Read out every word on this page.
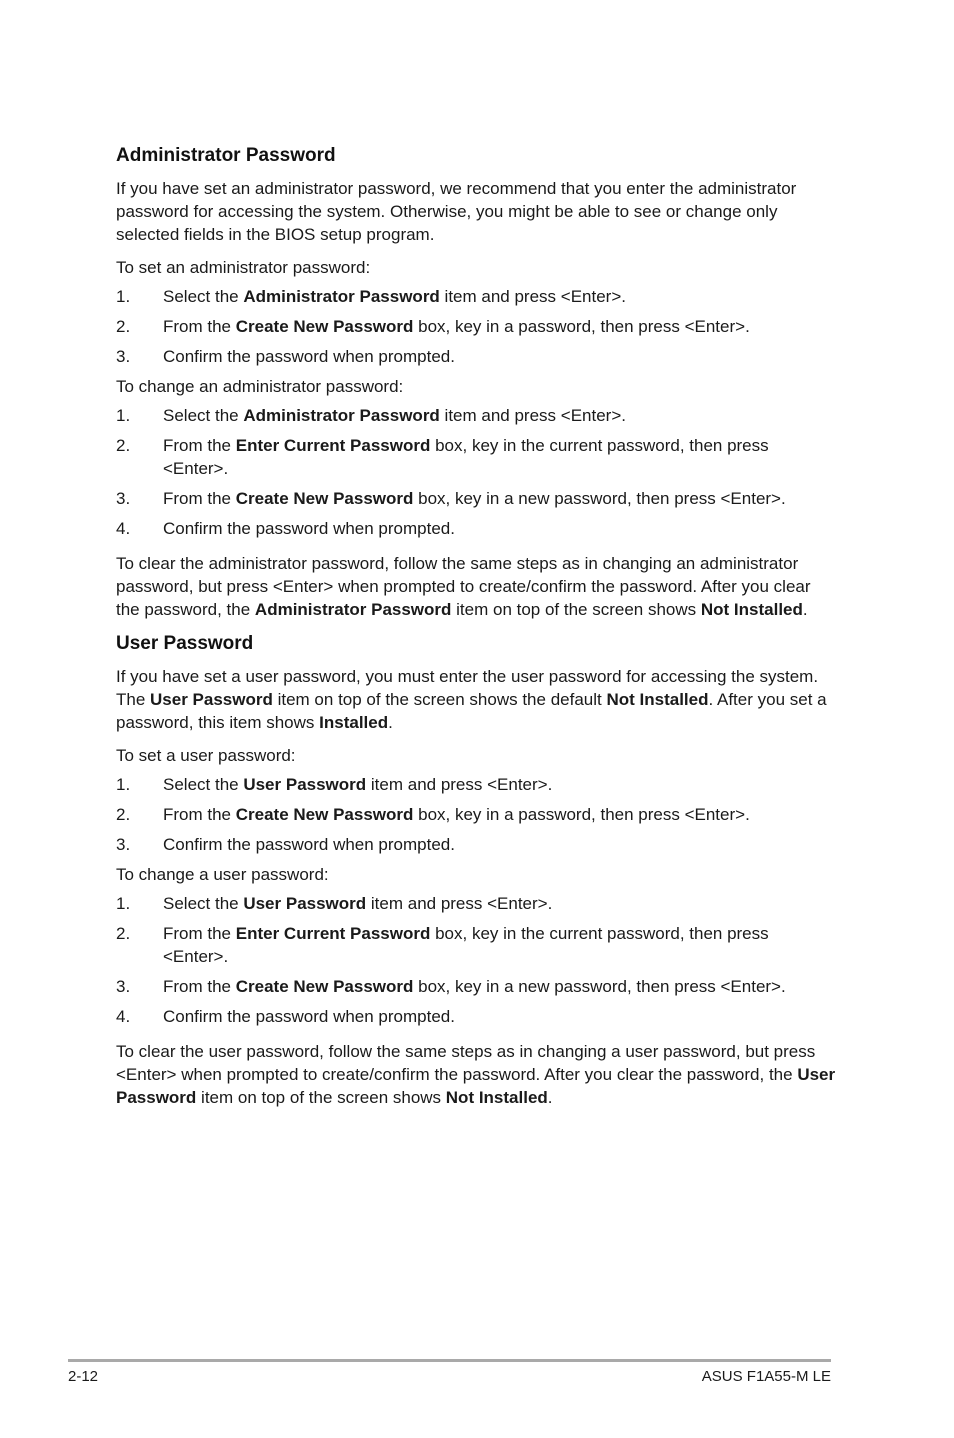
Administrator Password

If you have set an administrator password, we recommend that you enter the administrator password for accessing the system. Otherwise, you might be able to see or change only selected fields in the BIOS setup program.

To set an administrator password:

1. Select the Administrator Password item and press <Enter>.
2. From the Create New Password box, key in a password, then press <Enter>.
3. Confirm the password when prompted.

To change an administrator password:

1. Select the Administrator Password item and press <Enter>.
2. From the Enter Current Password box, key in the current password, then press <Enter>.
3. From the Create New Password box, key in a new password, then press <Enter>.
4. Confirm the password when prompted.

To clear the administrator password, follow the same steps as in changing an administrator password, but press <Enter> when prompted to create/confirm the password. After you clear the password, the Administrator Password item on top of the screen shows Not Installed.

User Password

If you have set a user password, you must enter the user password for accessing the system. The User Password item on top of the screen shows the default Not Installed. After you set a password, this item shows Installed.

To set a user password:

1. Select the User Password item and press <Enter>.
2. From the Create New Password box, key in a password, then press <Enter>.
3. Confirm the password when prompted.

To change a user password:

1. Select the User Password item and press <Enter>.
2. From the Enter Current Password box, key in the current password, then press <Enter>.
3. From the Create New Password box, key in a new password, then press <Enter>.
4. Confirm the password when prompted.

To clear the user password, follow the same steps as in changing a user password, but press <Enter> when prompted to create/confirm the password. After you clear the password, the User Password item on top of the screen shows Not Installed.

2-12	ASUS F1A55-M LE
